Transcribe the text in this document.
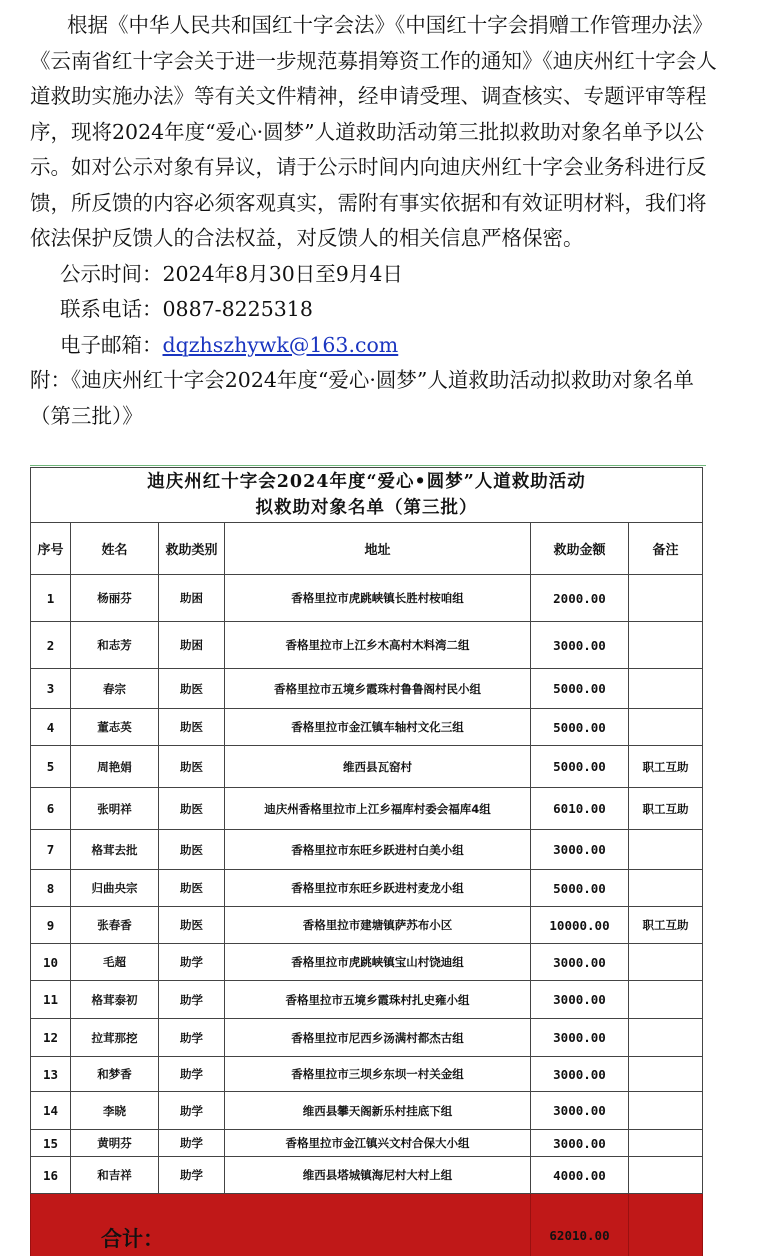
根据《中华人民共和国红十字会法》《中国红十字会捐赠工作管理办法》《云南省红十字会关于进一步规范募捐筹资工作的通知》《迪庆州红十字会人道救助实施办法》等有关文件精神，经申请受理、调查核实、专题评审等程序，现将2024年度“爱心·圆梦”人道救助活动第三批拟救助对象名单予以公示。如对公示对象有异议，请于公示时间内向迪庆州红十字会业务科进行反馈，所反馈的内容必须客观真实，需附有事实依据和有效证明材料，我们将依法保护反馈人的合法权益，对反馈人的相关信息严格保密。

公示时间：2024年8月30日至9月4日

联系电话：0887-8225318

电子邮箱：dqzhszhywk@163.com

附：《迪庆州红十字会2024年度“爱心·圆梦”人道救助活动拟救助对象名单（第三批）》

迪庆州红十字会2024年度“爱心•圆梦”人道救助活动
拟救助对象名单（第三批）					

序号	姓名	救助类别	地址	救助金额	备注
1	杨丽芬	助困	香格里拉市虎跳峡镇长胜村桉咱组	2000.00	
2	和志芳	助困	香格里拉市上江乡木高村木料湾二组	3000.00	
3	春宗	助医	香格里拉市五境乡霞珠村鲁鲁阁村民小组	5000.00	
4	董志英	助医	香格里拉市金江镇车轴村文化三组	5000.00	
5	周艳娟	助医	维西县瓦窑村	5000.00	职工互助
6	张明祥	助医	迪庆州香格里拉市上江乡福库村委会福库4组	6010.00	职工互助
7	格茸去批	助医	香格里拉市东旺乡跃进村白美小组	3000.00	
8	归曲央宗	助医	香格里拉市东旺乡跃进村麦龙小组	5000.00	
9	张春香	助医	香格里拉市建塘镇萨苏布小区	10000.00	职工互助
10	毛超	助学	香格里拉市虎跳峡镇宝山村饶迪组	3000.00	
11	格茸泰初	助学	香格里拉市五境乡霞珠村扎史雍小组	3000.00	
12	拉茸那挖	助学	香格里拉市尼西乡汤满村都杰古组	3000.00	
13	和梦香	助学	香格里拉市三坝乡东坝一村关金组	3000.00	
14	李晓	助学	维西县攀天阁新乐村挂底下组	3000.00	
15	黄明芬	助学	香格里拉市金江镇兴文村合保大小组	3000.00	
16	和吉祥	助学	维西县塔城镇海尼村大村上组	4000.00	
合计：				62010.00	
